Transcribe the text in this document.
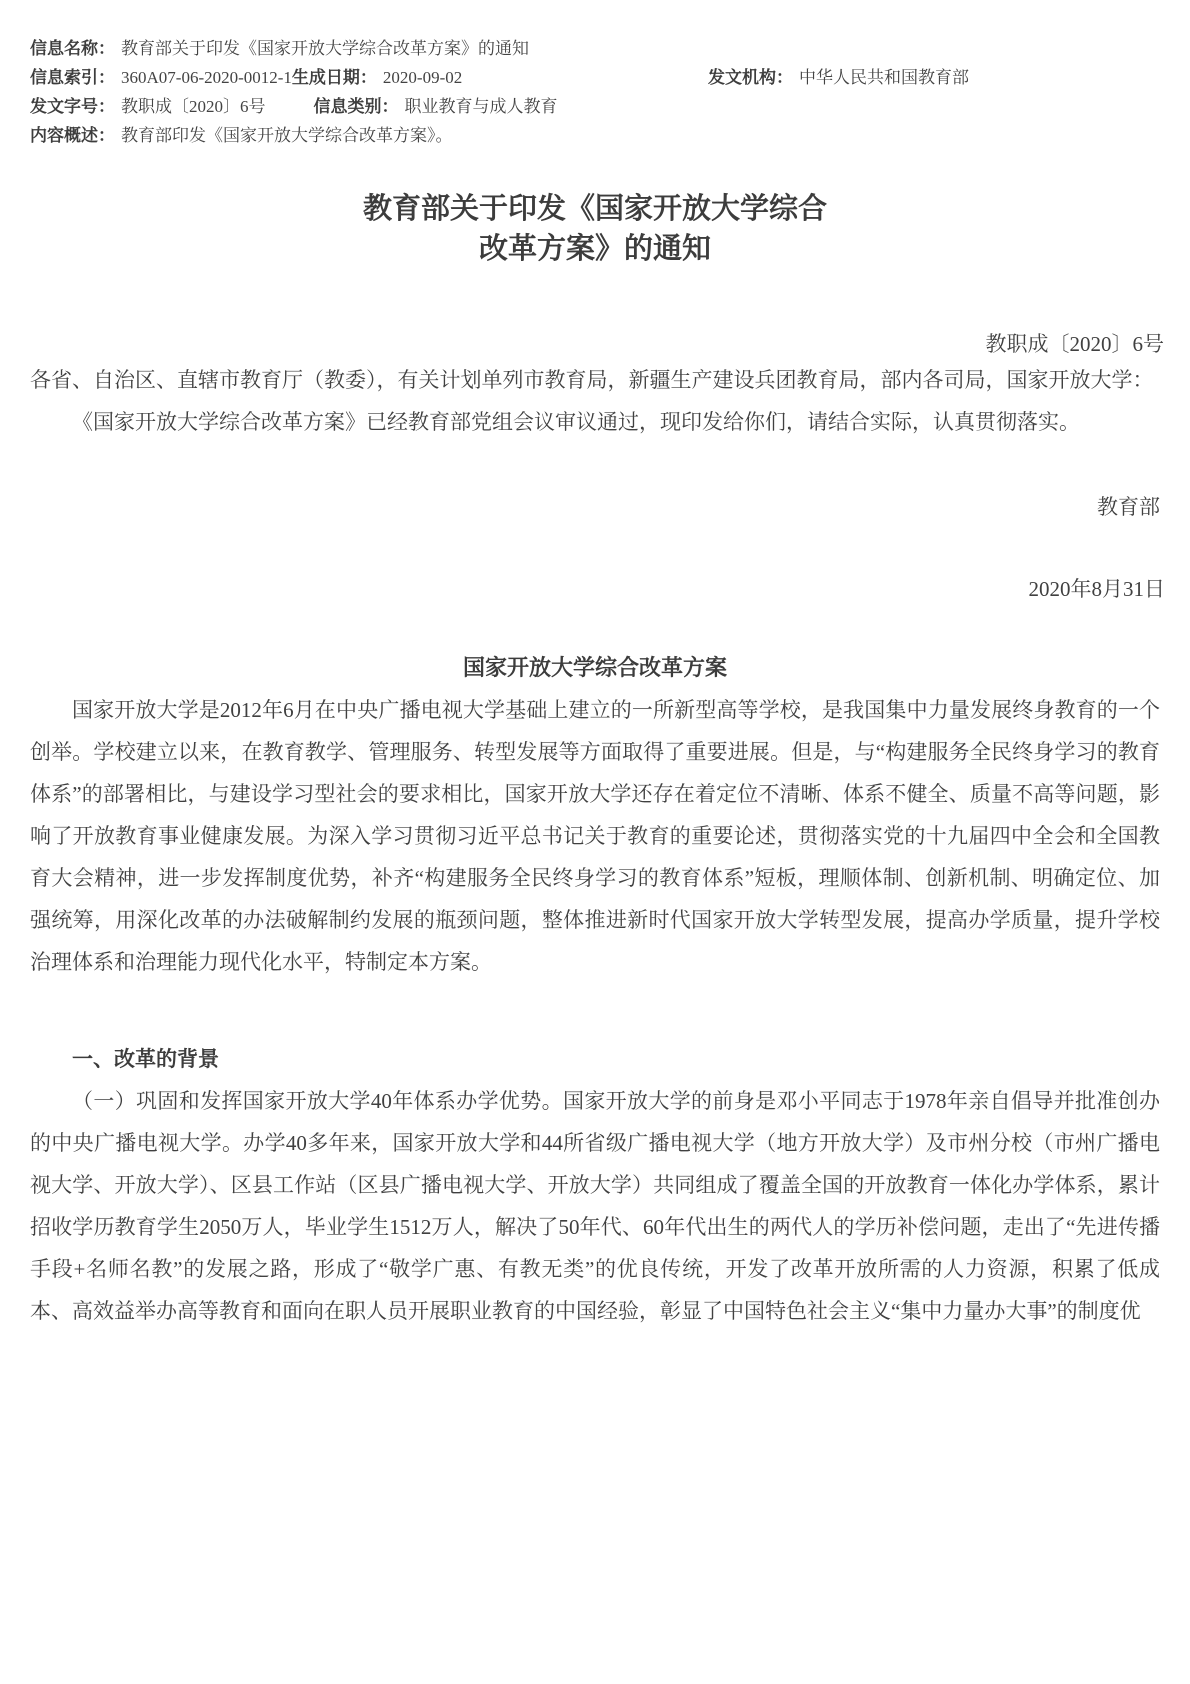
信息名称： 教育部关于印发《国家开放大学综合改革方案》的通知
信息索引： 360A07-06-2020-0012-1生成日期： 2020-09-02	发文机构： 中华人民共和国教育部
发文字号： 教职成〔2020〕6号	信息类别： 职业教育与成人教育
内容概述： 教育部印发《国家开放大学综合改革方案》。
教育部关于印发《国家开放大学综合
改革方案》的通知
教职成〔2020〕6号

各省、自治区、直辖市教育厅（教委），有关计划单列市教育局，新疆生产建设兵团教育局，部内各司局，国家开放大学：

《国家开放大学综合改革方案》已经教育部党组会议审议通过，现印发给你们，请结合实际，认真贯彻落实。

教育部
2020年8月31日
国家开放大学综合改革方案

国家开放大学是2012年6月在中央广播电视大学基础上建立的一所新型高等学校，是我国集中力量发展终身教育的一个创举。学校建立以来，在教育教学、管理服务、转型发展等方面取得了重要进展。但是，与“构建服务全民终身学习的教育体系”的部署相比，与建设学习型社会的要求相比，国家开放大学还存在着定位不清晰、体系不健全、质量不高等问题，影响了开放教育事业健康发展。为深入学习贯彻习近平总书记关于教育的重要论述，贯彻落实党的十九届四中全会和全国教育大会精神，进一步发挥制度优势，补齐“构建服务全民终身学习的教育体系”短板，理顺体制、创新机制、明确定位、加强统筹，用深化改革的办法破解制约发展的瓶颈问题，整体推进新时代国家开放大学转型发展，提高办学质量，提升学校治理体系和治理能力现代化水平，特制定本方案。

一、改革的背景

（一）巩固和发挥国家开放大学40年体系办学优势。国家开放大学的前身是邓小平同志于1978年亲自倡导并批准创办的中央广播电视大学。办学40多年来，国家开放大学和44所省级广播电视大学（地方开放大学）及市州分校（市州广播电视大学、开放大学）、区县工作站（区县广播电视大学、开放大学）共同组成了覆盖全国的开放教育一体化办学体系，累计招收学历教育学生2050万人，毕业学生1512万人，解决了50年代、60年代出生的两代人的学历补偿问题，走出了“先进传播手段+名师名教”的发展之路，形成了“敬学广惠、有教无类”的优良传统，开发了改革开放所需的人力资源，积累了低成本、高效益举办高等教育和面向在职人员开展职业教育的中国经验，彰显了中国特色社会主义“集中力量办大事”的制度优
